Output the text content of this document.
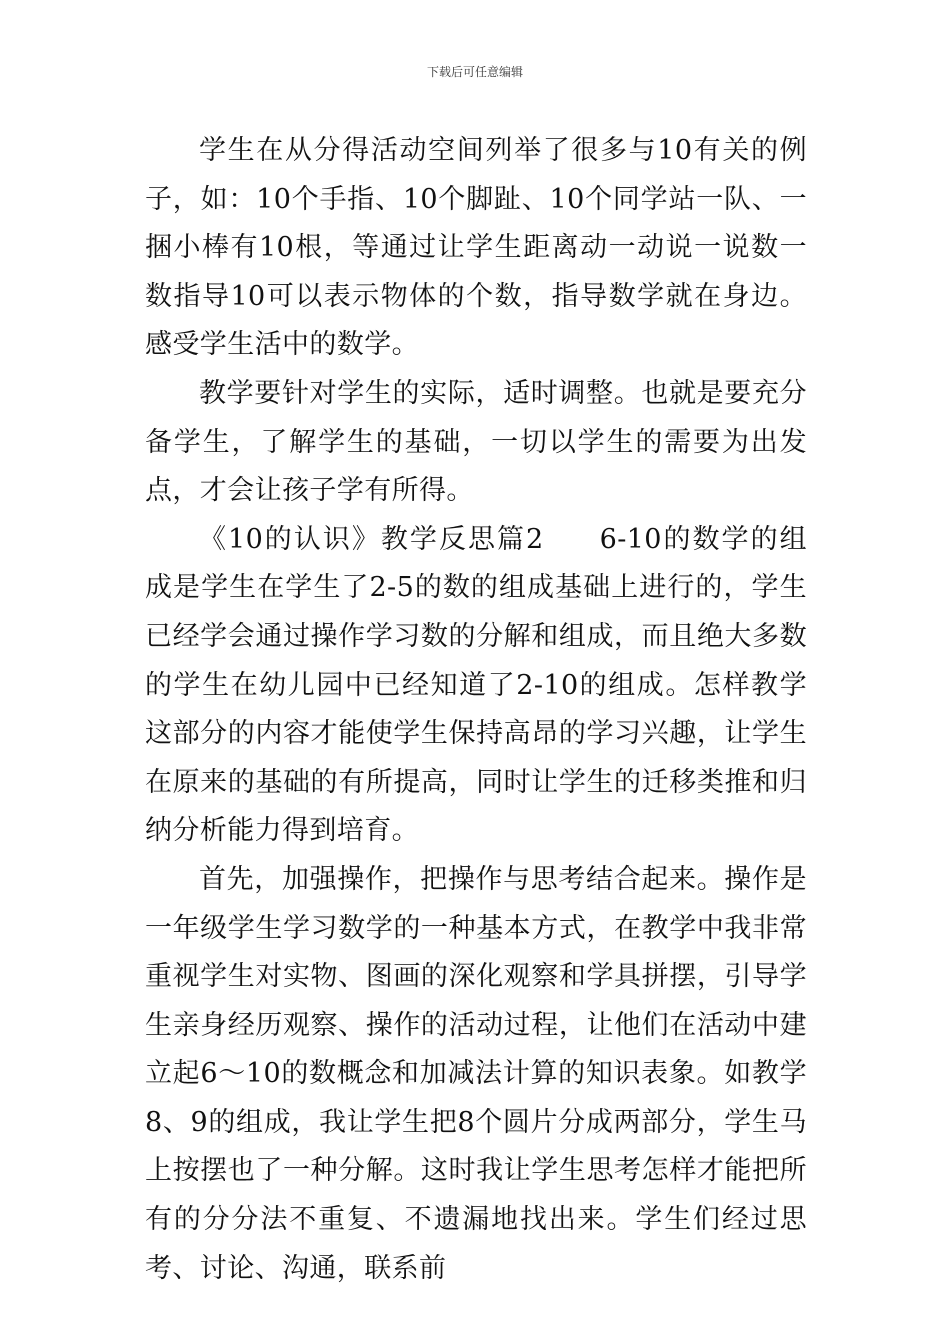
下载后可任意编辑

学生在从分得活动空间列举了很多与10有关的例子，如：10个手指、10个脚趾、10个同学站一队、一捆小棒有10根，等通过让学生距离动一动说一说数一数指导10可以表示物体的个数，指导数学就在身边。感受学生活中的数学。

教学要针对学生的实际，适时调整。也就是要充分备学生，了解学生的基础，一切以学生的需要为出发点，才会让孩子学有所得。

《10的认识》教学反思篇2 6-10的数学的组成是学生在学生了2-5的数的组成基础上进行的，学生已经学会通过操作学习数的分解和组成，而且绝大多数的学生在幼儿园中已经知道了2-10的组成。怎样教学这部分的内容才能使学生保持高昂的学习兴趣，让学生在原来的基础的有所提高，同时让学生的迁移类推和归纳分析能力得到培育。

首先，加强操作，把操作与思考结合起来。操作是一年级学生学习数学的一种基本方式，在教学中我非常重视学生对实物、图画的深化观察和学具拼摆，引导学生亲身经历观察、操作的活动过程，让他们在活动中建立起6～10的数概念和加减法计算的知识表象。如教学8、9的组成，我让学生把8个圆片分成两部分，学生马上按摆也了一种分解。这时我让学生思考怎样才能把所有的分分法不重复、不遗漏地找出来。学生们经过思考、讨论、沟通，联系前
